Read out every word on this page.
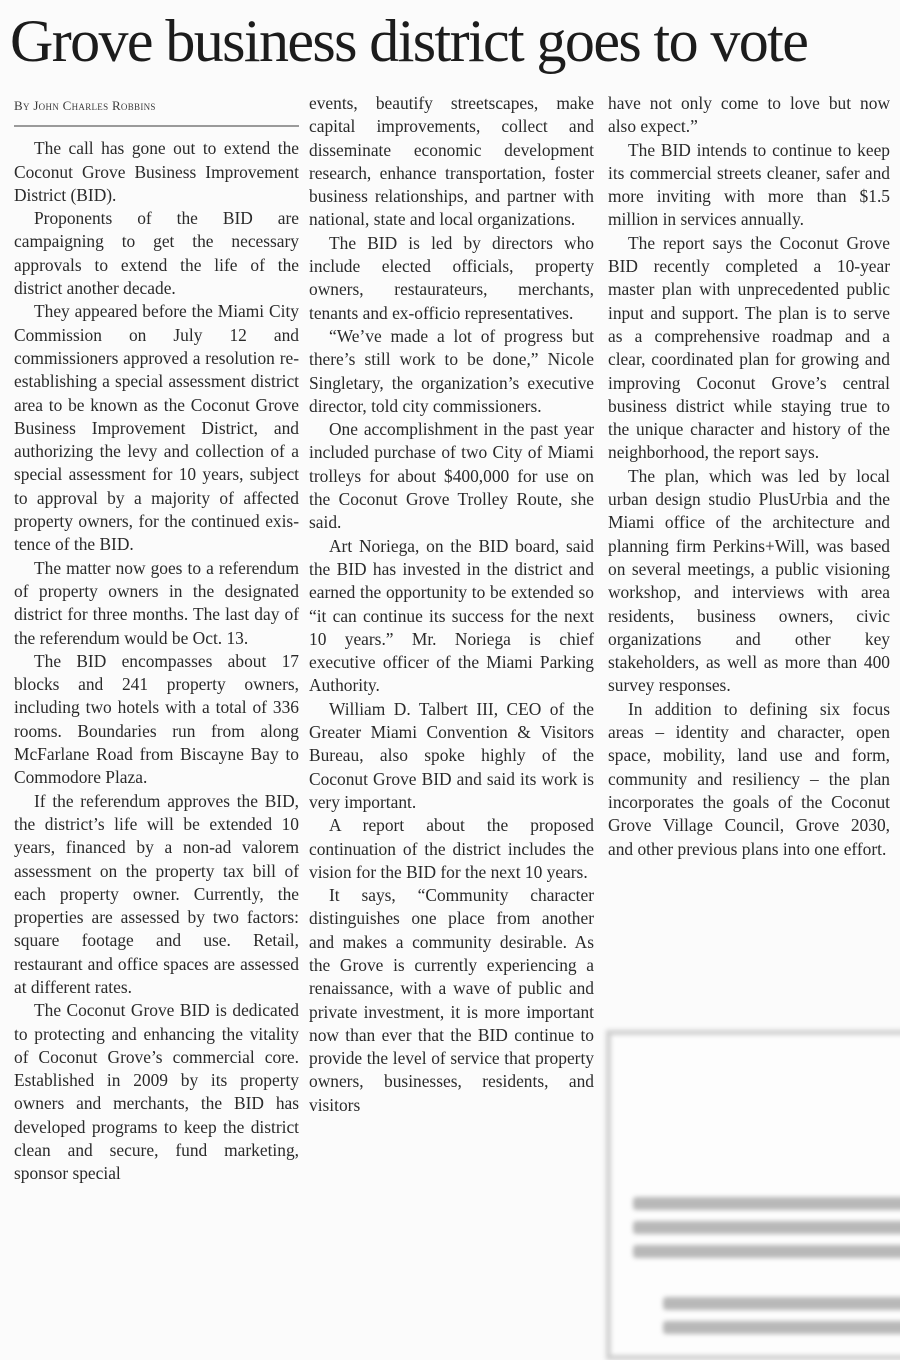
Grove business district goes to vote
By John Charles Robbins

The call has gone out to extend the Coconut Grove Business Improvement District (BID).

Proponents of the BID are campaigning to get the necessary approvals to extend the life of the district another decade.

They appeared before the Miami City Commission on July 12 and commissioners approved a resolution re-establishing a special assessment district area to be known as the Coconut Grove Business Improvement District, and authorizing the levy and collection of a special assessment for 10 years, subject to approval by a majority of affected property owners, for the continued existence of the BID.

The matter now goes to a referendum of property owners in the designated district for three months. The last day of the referendum would be Oct. 13.

The BID encompasses about 17 blocks and 241 property owners, including two hotels with a total of 336 rooms. Boundaries run from along McFarlane Road from Biscayne Bay to Commodore Plaza.

If the referendum approves the BID, the district’s life will be extended 10 years, financed by a non-ad valorem assessment on the property tax bill of each property owner. Currently, the properties are assessed by two factors: square footage and use. Retail, restaurant and office spaces are assessed at different rates.

The Coconut Grove BID is dedicated to protecting and enhancing the vitality of Coconut Grove’s commercial core. Established in 2009 by its property owners and merchants, the BID has developed programs to keep the district clean and secure, fund marketing, sponsor special

events, beautify streetscapes, make capital improvements, collect and disseminate economic development research, enhance transportation, foster business relationships, and partner with national, state and local organizations.

The BID is led by directors who include elected officials, property owners, restaurateurs, merchants, tenants and ex-officio representatives.

“We’ve made a lot of progress but there’s still work to be done,” Nicole Singletary, the organization’s executive director, told city commissioners.

One accomplishment in the past year included purchase of two City of Miami trolleys for about $400,000 for use on the Coconut Grove Trolley Route, she said.

Art Noriega, on the BID board, said the BID has invested in the district and earned the opportunity to be extended so “it can continue its success for the next 10 years.” Mr. Noriega is chief executive officer of the Miami Parking Authority.

William D. Talbert III, CEO of the Greater Miami Convention & Visitors Bureau, also spoke highly of the Coconut Grove BID and said its work is very important.

A report about the proposed continuation of the district includes the vision for the BID for the next 10 years.

It says, “Community character distinguishes one place from another and makes a community desirable. As the Grove is currently experiencing a renaissance, with a wave of public and private investment, it is more important now than ever that the BID continue to provide the level of service that property owners, businesses, residents, and visitors

have not only come to love but now also expect.”

The BID intends to continue to keep its commercial streets cleaner, safer and more inviting with more than $1.5 million in services annually.

The report says the Coconut Grove BID recently completed a 10-year master plan with unprecedented public input and support. The plan is to serve as a comprehensive roadmap and a clear, coordinated plan for growing and improving Coconut Grove’s central business district while staying true to the unique character and history of the neighborhood, the report says.

The plan, which was led by local urban design studio PlusUrbia and the Miami office of the architecture and planning firm Perkins+Will, was based on several meetings, a public visioning workshop, and interviews with area residents, business owners, civic organizations and other key stakeholders, as well as more than 400 survey responses.

In addition to defining six focus areas – identity and character, open space, mobility, land use and form, community and resiliency – the plan incorporates the goals of the Coconut Grove Village Council, Grove 2030, and other previous plans into one effort.
